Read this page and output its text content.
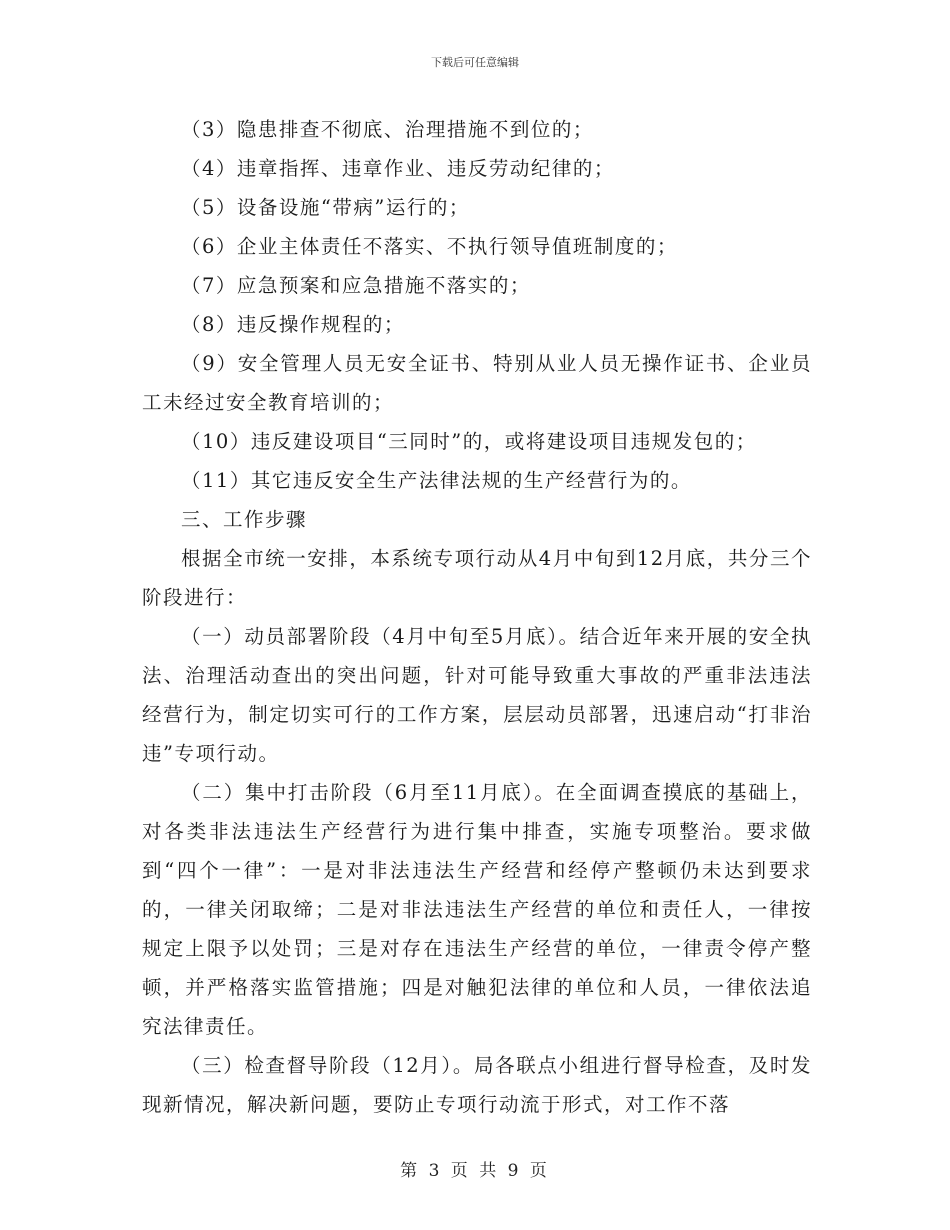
下载后可任意编辑

（3）隐患排查不彻底、治理措施不到位的；

（4）违章指挥、违章作业、违反劳动纪律的；

（5）设备设施“带病”运行的；

（6）企业主体责任不落实、不执行领导值班制度的；

（7）应急预案和应急措施不落实的；

（8）违反操作规程的；

（9）安全管理人员无安全证书、特别从业人员无操作证书、企业员工未经过安全教育培训的；

（10）违反建设项目“三同时”的，或将建设项目违规发包的；

（11）其它违反安全生产法律法规的生产经营行为的。

三、工作步骤

根据全市统一安排，本系统专项行动从4月中旬到12月底，共分三个阶段进行：

（一）动员部署阶段（4月中旬至5月底）。结合近年来开展的安全执法、治理活动查出的突出问题，针对可能导致重大事故的严重非法违法经营行为，制定切实可行的工作方案，层层动员部署，迅速启动“打非治违”专项行动。

（二）集中打击阶段（6月至11月底）。在全面调查摸底的基础上，对各类非法违法生产经营行为进行集中排查，实施专项整治。要求做到“四个一律”：一是对非法违法生产经营和经停产整顿仍未达到要求的，一律关闭取缔；二是对非法违法生产经营的单位和责任人，一律按规定上限予以处罚；三是对存在违法生产经营的单位，一律责令停产整顿，并严格落实监管措施；四是对触犯法律的单位和人员，一律依法追究法律责任。

（三）检查督导阶段（12月）。局各联点小组进行督导检查，及时发现新情况，解决新问题，要防止专项行动流于形式，对工作不落

第 3 页 共 9 页
